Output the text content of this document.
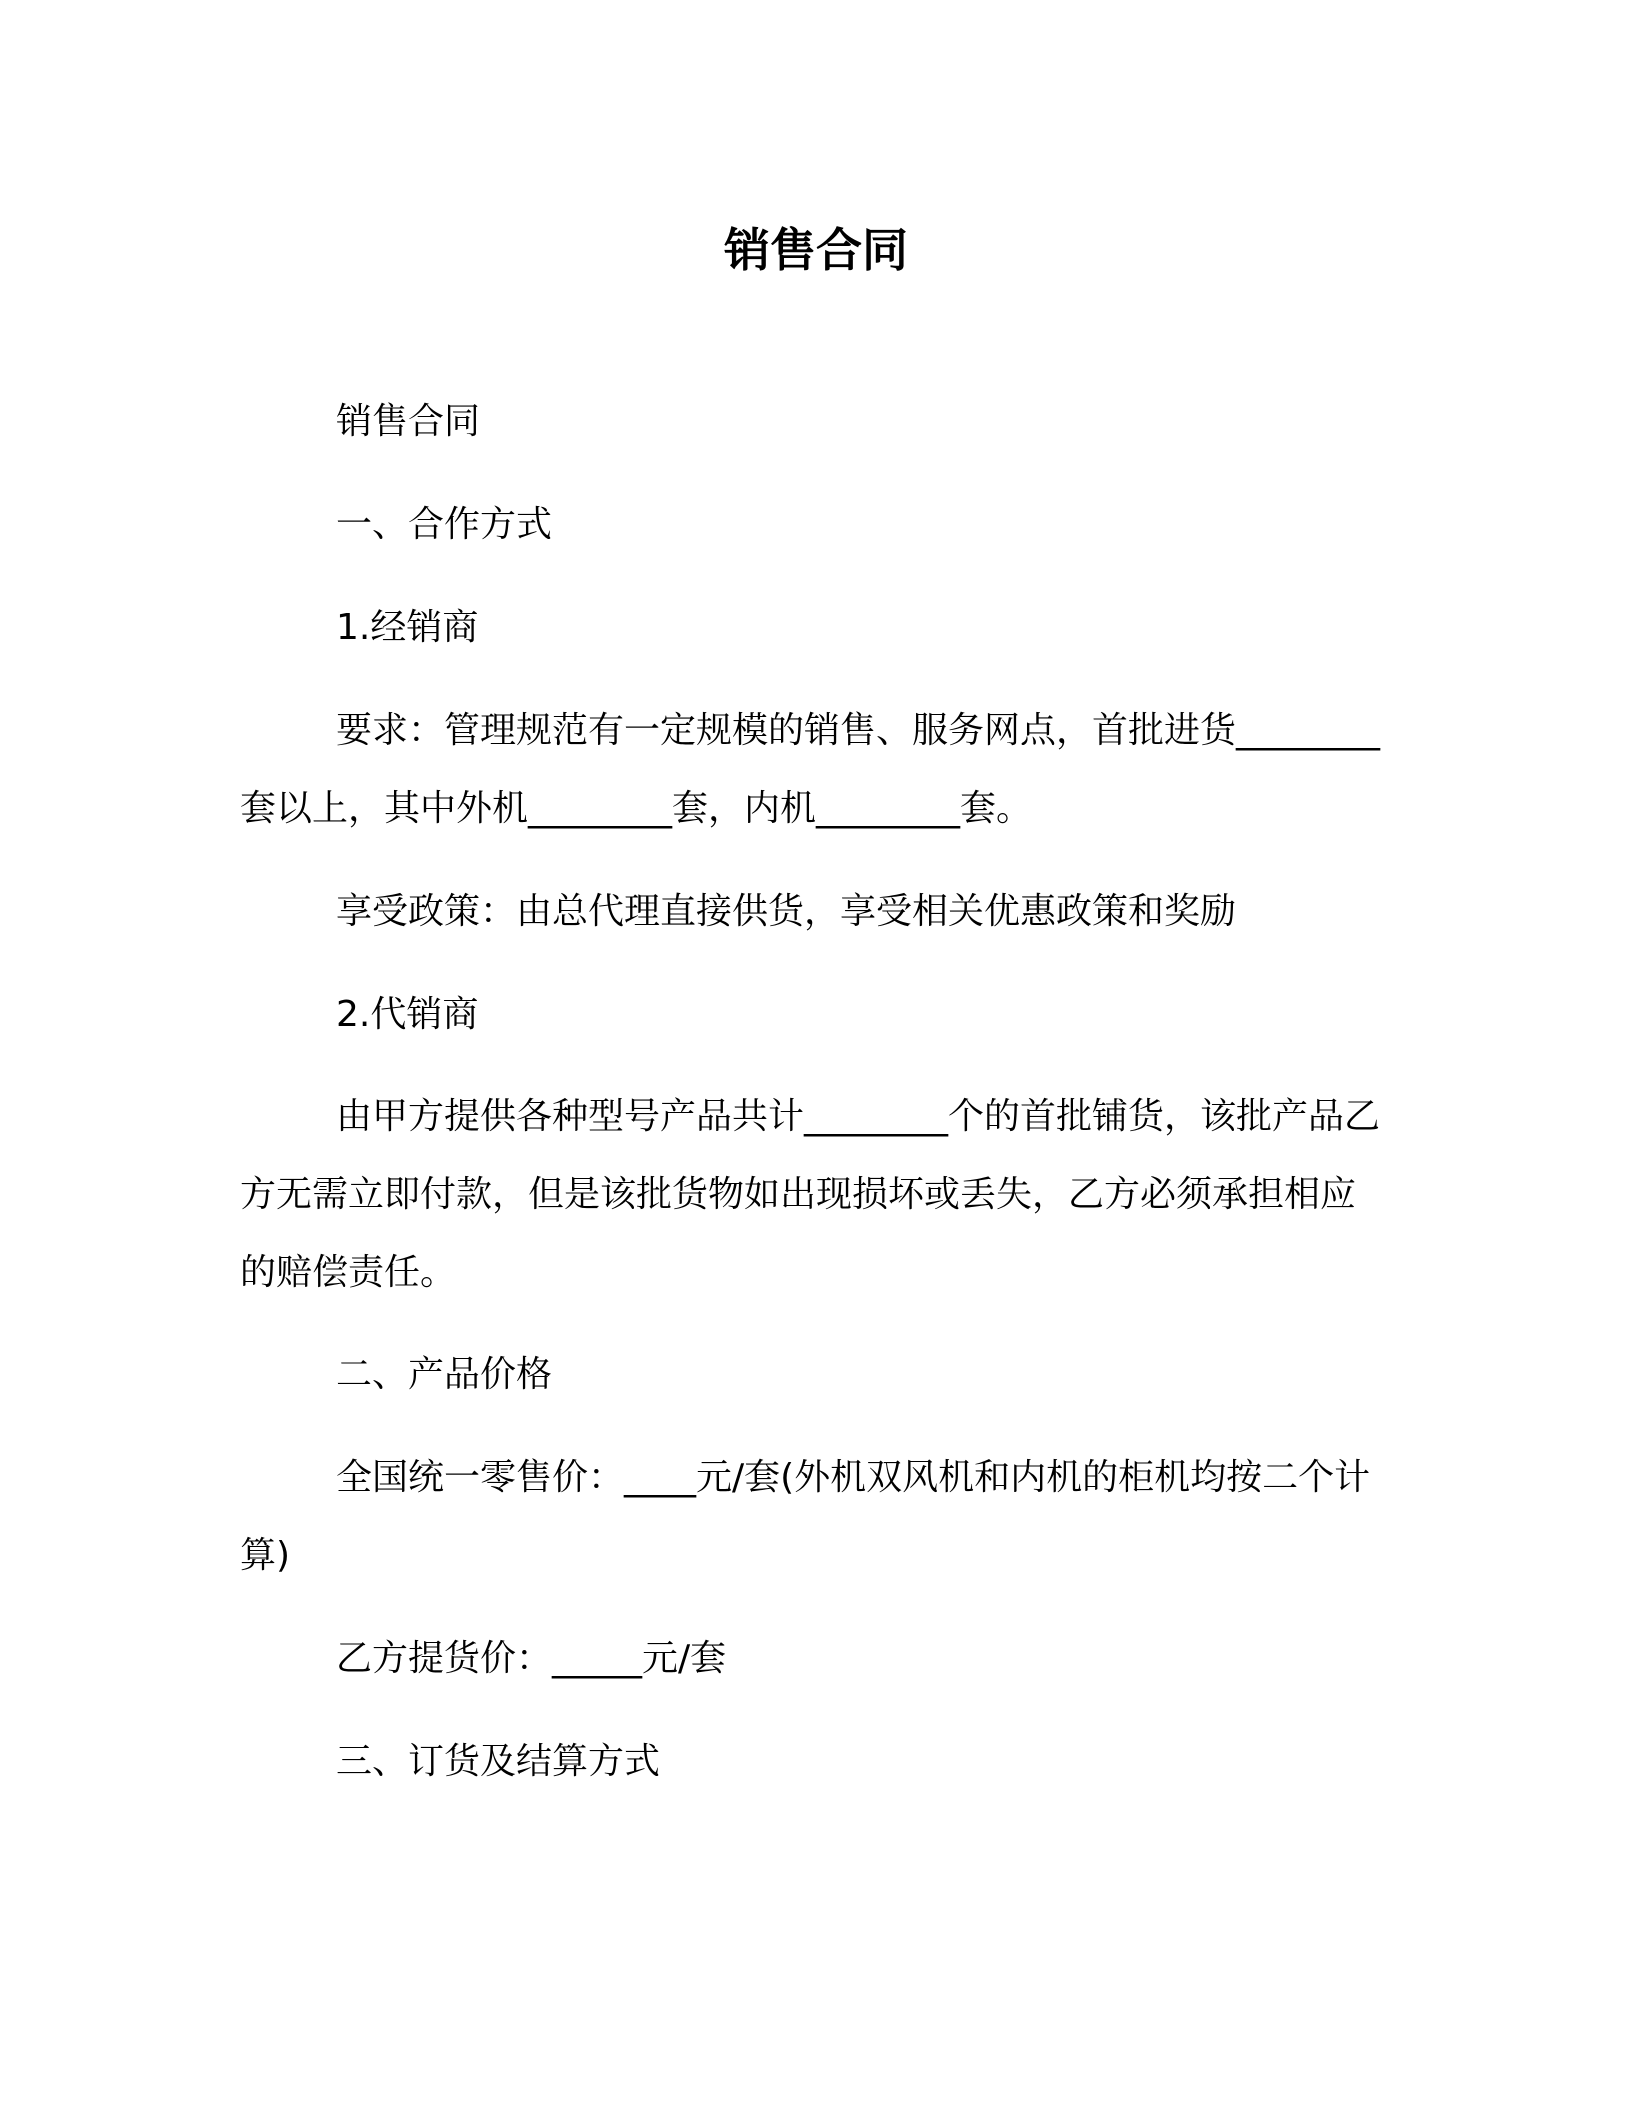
销售合同
销售合同
一、合作方式
1.经销商
要求：管理规范有一定规模的销售、服务网点，首批进货________套以上，其中外机________套，内机________套。
享受政策：由总代理直接供货，享受相关优惠政策和奖励
2.代销商
由甲方提供各种型号产品共计________个的首批铺货，该批产品乙方无需立即付款，但是该批货物如出现损坏或丢失，乙方必须承担相应的赔偿责任。
二、产品价格
全国统一零售价：____元/套(外机双风机和内机的柜机均按二个计算)
乙方提货价：_____元/套
三、订货及结算方式
